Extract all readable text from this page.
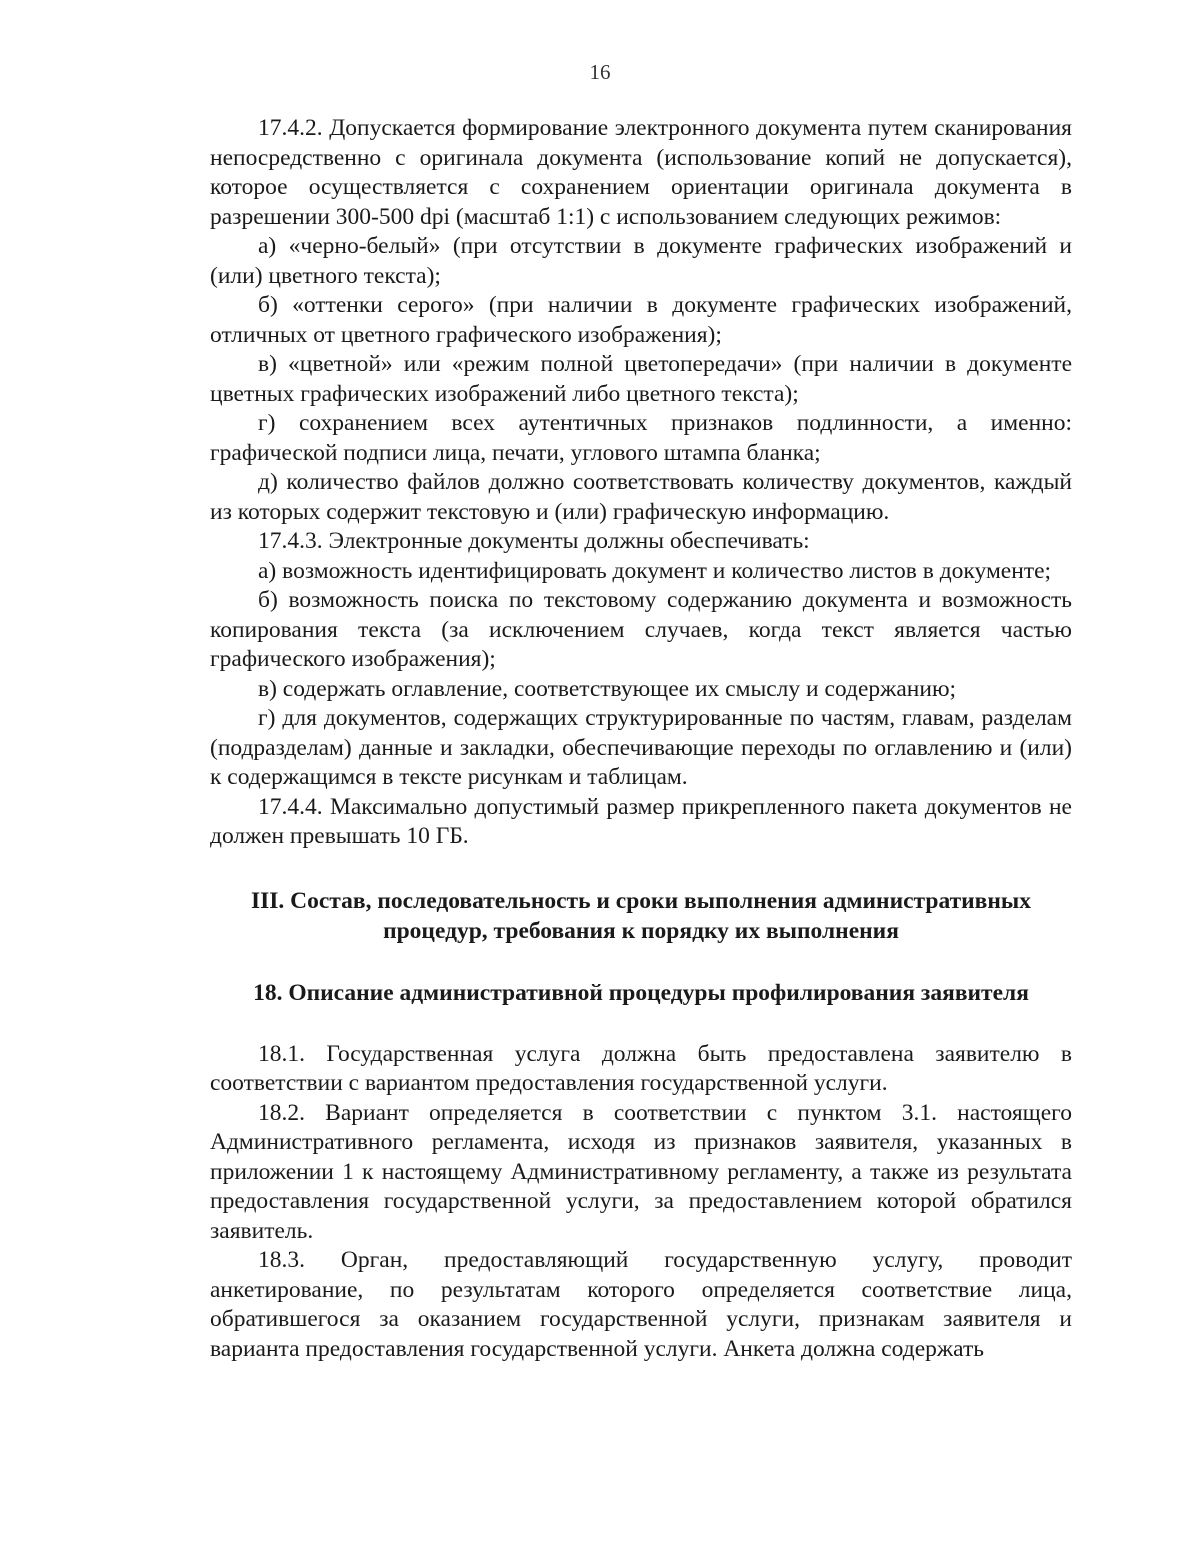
16

17.4.2. Допускается формирование электронного документа путем сканирования непосредственно с оригинала документа (использование копий не допускается), которое осуществляется с сохранением ориентации оригинала документа в разрешении 300-500 dpi (масштаб 1:1) с использованием следующих режимов:

а) «черно-белый» (при отсутствии в документе графических изображений и (или) цветного текста);

б) «оттенки серого» (при наличии в документе графических изображений, отличных от цветного графического изображения);

в) «цветной» или «режим полной цветопередачи» (при наличии в документе цветных графических изображений либо цветного текста);

г) сохранением всех аутентичных признаков подлинности, а именно: графической подписи лица, печати, углового штампа бланка;

д) количество файлов должно соответствовать количеству документов, каждый из которых содержит текстовую и (или) графическую информацию.

17.4.3. Электронные документы должны обеспечивать:

а) возможность идентифицировать документ и количество листов в документе;

б) возможность поиска по текстовому содержанию документа и возможность копирования текста (за исключением случаев, когда текст является частью графического изображения);

в) содержать оглавление, соответствующее их смыслу и содержанию;

г) для документов, содержащих структурированные по частям, главам, разделам (подразделам) данные и закладки, обеспечивающие переходы по оглавлению и (или) к содержащимся в тексте рисункам и таблицам.

17.4.4. Максимально допустимый размер прикрепленного пакета документов не должен превышать 10 ГБ.

III. Состав, последовательность и сроки выполнения административных процедур, требования к порядку их выполнения

18. Описание административной процедуры профилирования заявителя

18.1. Государственная услуга должна быть предоставлена заявителю в соответствии с вариантом предоставления государственной услуги.

18.2. Вариант определяется в соответствии с пунктом 3.1. настоящего Административного регламента, исходя из признаков заявителя, указанных в приложении 1 к настоящему Административному регламенту, а также из результата предоставления государственной услуги, за предоставлением которой обратился заявитель.

18.3. Орган, предоставляющий государственную услугу, проводит анкетирование, по результатам которого определяется соответствие лица, обратившегося за оказанием государственной услуги, признакам заявителя и варианта предоставления государственной услуги. Анкета должна содержать
